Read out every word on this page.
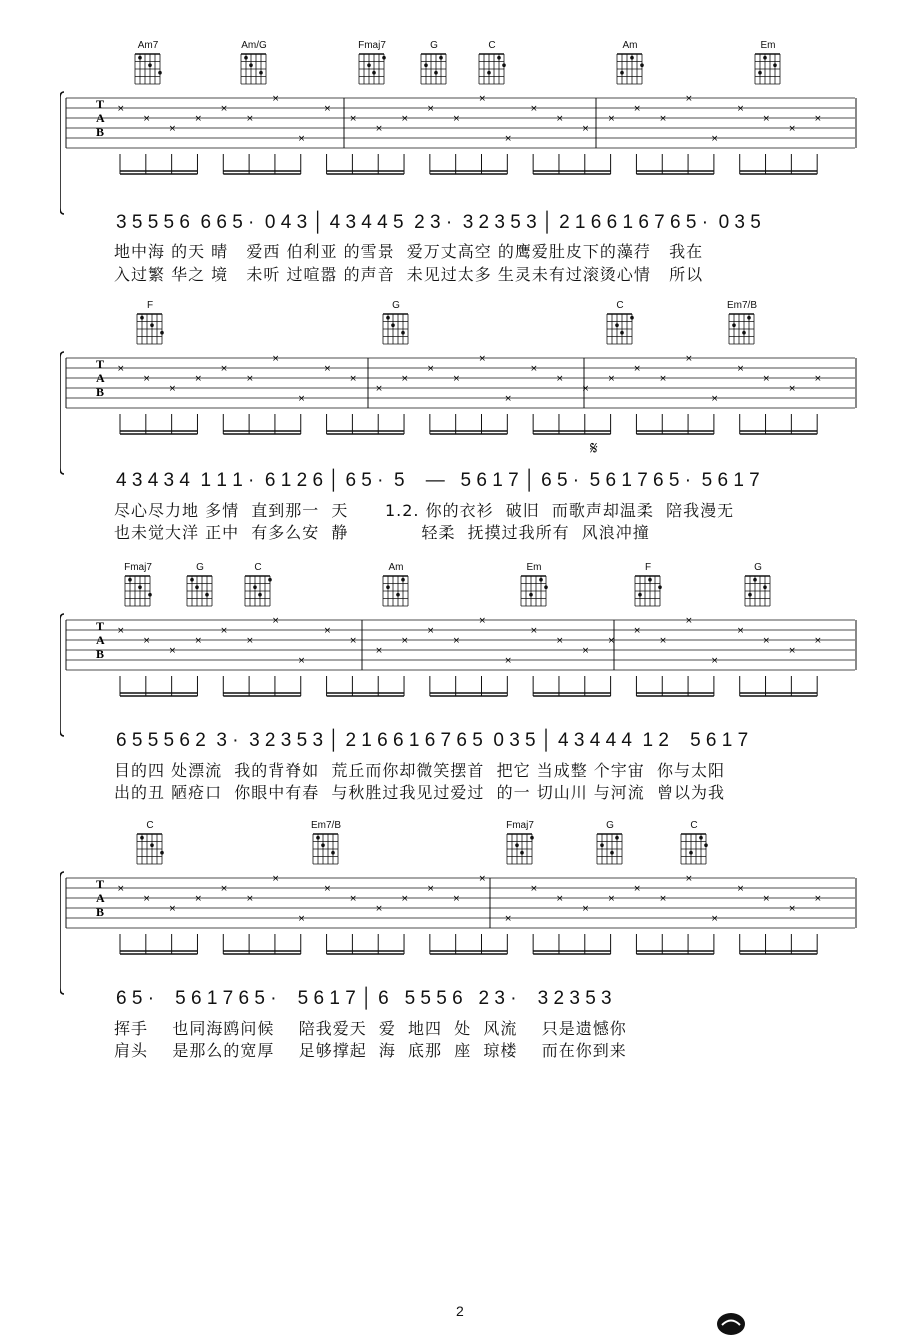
Am7	Am/G	Fmaj7	G	C	Am	Em
T
A
B
×
×
×
×
×
×
×
×
×
×
×
×
×
×
×
×
×
×
×
×
×
×
×
×
×
×
×
×
3 5 5 5 6  6 6 5 ·  0 4 3 │ 4 3 4 4 5  2 3 ·  3 2 3 5 3 │ 2 1 6 6 1 6 7 6 5 ·  0 3 5
地中海 的天 晴   爱西 伯利亚 的雪景  爱万丈高空 的鹰爱肚皮下的藻荇   我在
入过繁 华之 境   未听 过喧嚣 的声音  未见过太多 生灵未有过滚烫心情   所以
F	G	C	Em7/B
T
A
B
×
×
×
×
×
×
×
×
×
×
×
×
×
×
×
×
×
×
×
×
×
×
×
×
×
×
×
×
𝄋
4 3 4 3 4  1 1 1 ·  6 1 2 6 │ 6 5 ·  5    —   5 6 1 7 │ 6 5 ·  5 6 1 7 6 5 ·  5 6 1 7
尽心尽力地 多情  直到那一  天      1.2. 你的衣衫  破旧  而歌声却温柔  陪我漫无
也未觉大洋 正中  有多么安  静            轻柔  抚摸过我所有  风浪冲撞
Fmaj7	G	C	Am	Em	F	G
T
A
B
×
×
×
×
×
×
×
×
×
×
×
×
×
×
×
×
×
×
×
×
×
×
×
×
×
×
×
×
6 5 5 5 6 2  3 ·  3 2 3 5 3 │ 2 1 6 6 1 6 7 6 5  0 3 5 │ 4 3 4 4 4  1 2    5 6 1 7
目的四 处漂流  我的背脊如  荒丘而你却微笑摆首  把它 当成整 个宇宙  你与太阳
出的丑 陋疮口  你眼中有春  与秋胜过我见过爱过  的一 切山川 与河流  曾以为我
C	Em7/B	Fmaj7	G	C
T
A
B
×
×
×
×
×
×
×
×
×
×
×
×
×
×
×
×
×
×
×
×
×
×
×
×
×
×
×
×
6 5 ·    5 6 1 7 6 5 ·    5 6 1 7 │ 6   5 5 5 6   2 3 ·    3 2 3 5 3
挥手    也同海鸥问候    陪我爱天  爱  地四  处  风流    只是遗憾你
肩头    是那么的宽厚    足够撑起  海  底那  座  琼楼    而在你到来
2
